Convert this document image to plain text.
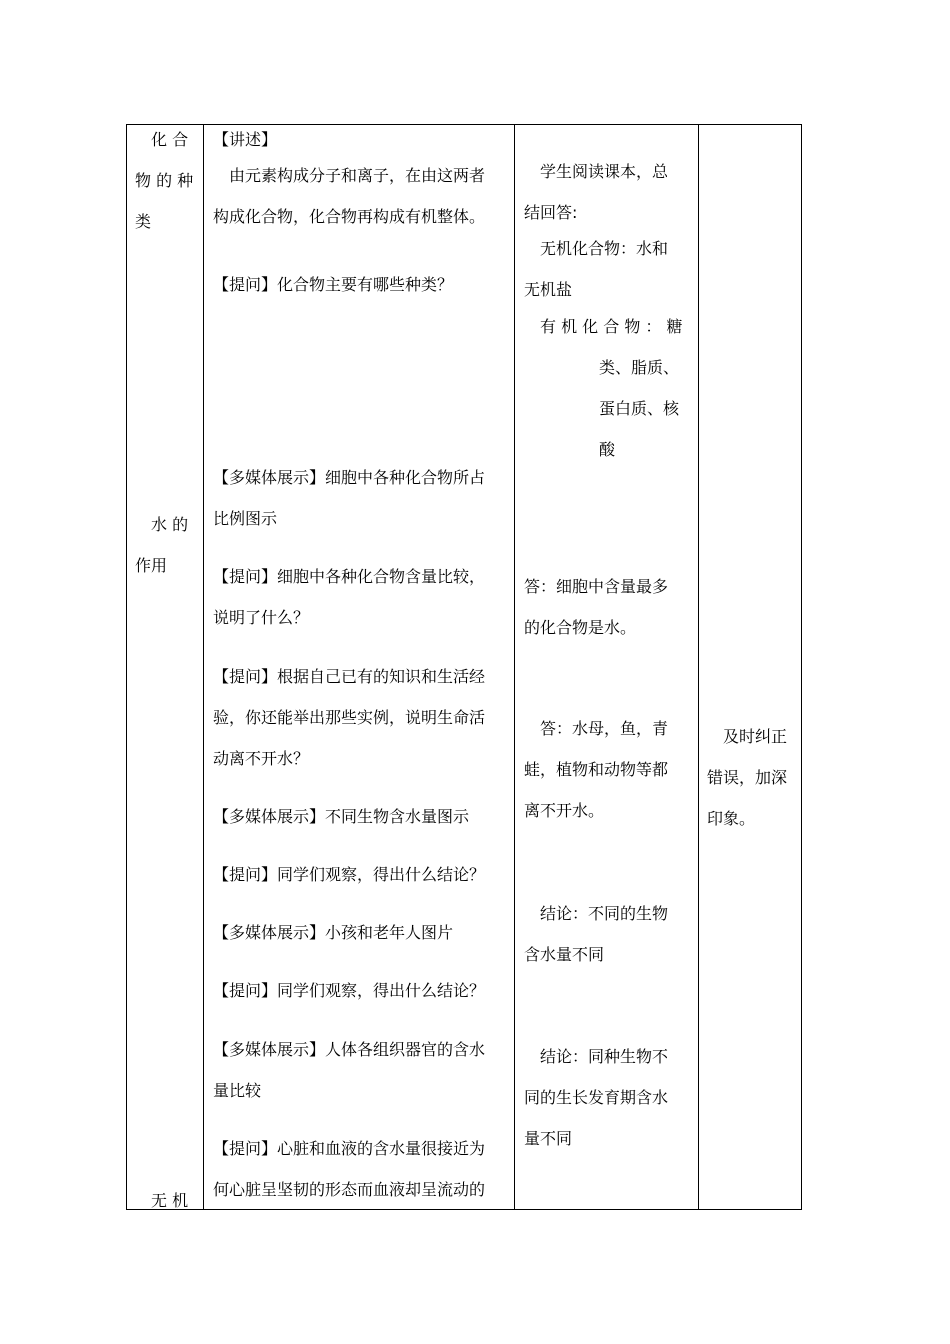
化 合
物 的 种
类
水 的
作用
无 机
【讲述】
由元素构成分子和离子，在由这两者
构成化合物，化合物再构成有机整体。
【提问】化合物主要有哪些种类？
【多媒体展示】细胞中各种化合物所占
比例图示
【提问】细胞中各种化合物含量比较，
说明了什么？
【提问】根据自己已有的知识和生活经
验，你还能举出那些实例，说明生命活
动离不开水？
【多媒体展示】不同生物含水量图示
【提问】同学们观察，得出什么结论？
【多媒体展示】小孩和老年人图片
【提问】同学们观察，得出什么结论？
【多媒体展示】人体各组织器官的含水
量比较
【提问】心脏和血液的含水量很接近为
何心脏呈坚韧的形态而血液却呈流动的
学生阅读课本，总
结回答:
无机化合物：水和
无机盐
有 机 化 合 物 ： 糖
类、脂质、
蛋白质、核
酸
答：细胞中含量最多
的化合物是水。
答：水母，鱼，青
蛙，植物和动物等都
离不开水。
结论：不同的生物
含水量不同
结论：同种生物不
同的生长发育期含水
量不同
及时纠正
错误，加深
印象。
